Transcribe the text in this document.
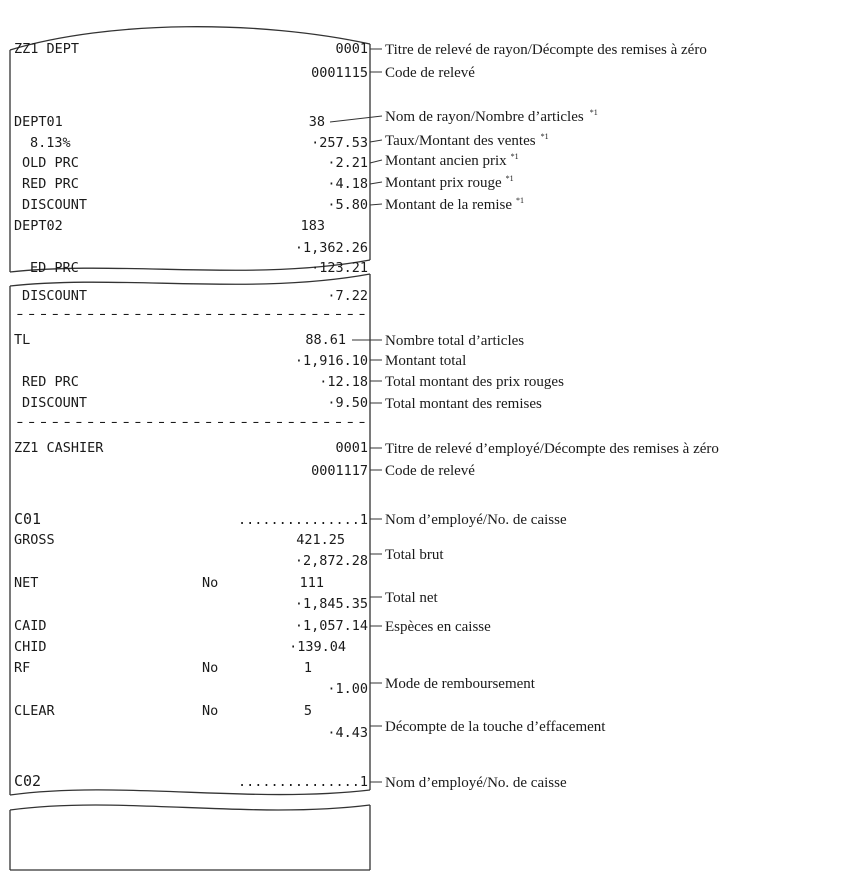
ZZ1 DEPT	0001
0001115
DEPT01	38
8.13%	·257.53
OLD PRC	·2.21
RED PRC	·4.18
DISCOUNT	·5.80
DEPT02	183
·1,362.26
ED PRC	·123.21
DISCOUNT	·7.22
------------------------------
TL	88.61
·1,916.10
RED PRC	·12.18
DISCOUNT	·9.50
------------------------------
ZZ1 CASHIER	0001
0001117
C01	...............1
GROSS	421.25
·2,872.28
NET	No	111
·1,845.35
CAID	·1,057.14
CHID	·139.04
RF	No	1
·1.00
CLEAR	No	5
·4.43
C02	...............1
Titre de relevé de rayon/Décompte des remises à zéro
Code de relevé
Nom de rayon/Nombre d’articles $^{*1}$
Taux/Montant des ventes $^{*1}$
Montant ancien prix $^{*1}$
Montant prix rouge $^{*1}$
Montant de la remise $^{*1}$
Nombre total d’articles
Montant total
Total montant des prix rouges
Total montant des remises
Titre de relevé d’employé/Décompte des remises à zéro
Code de relevé
Nom d’employé/No. de caisse
Total brut
Total net
Espèces en caisse
Mode de remboursement
Décompte de la touche d’effacement
Nom d’employé/No. de caisse
